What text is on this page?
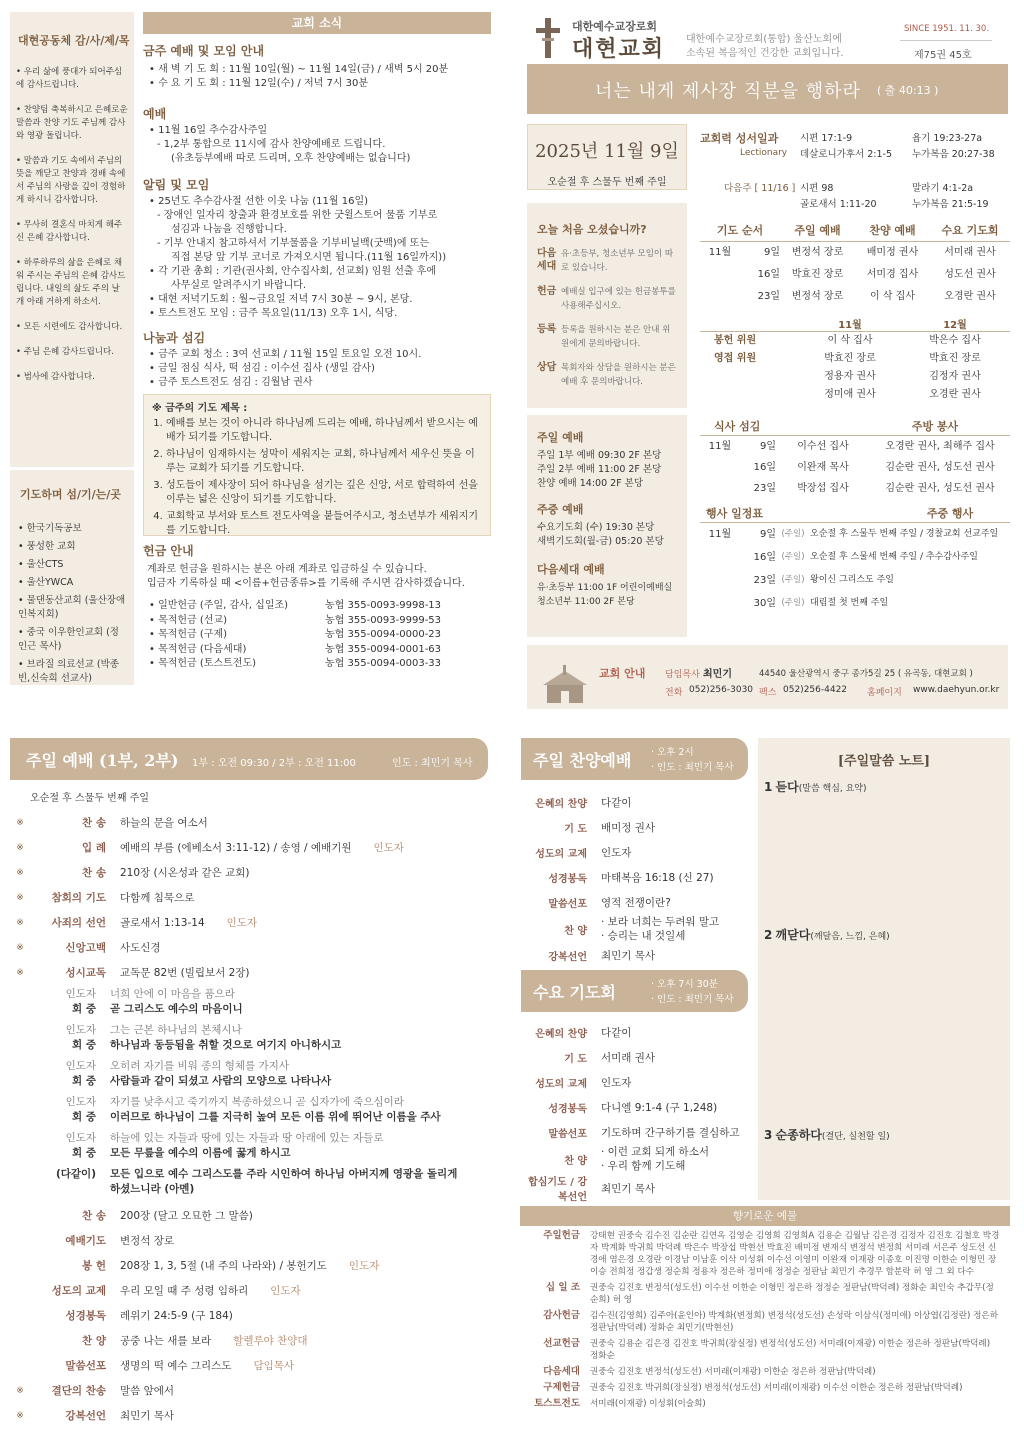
대현공동체 감/사/제/목
• 우리 삶에 풍대가 되어주심에 감사드립니다.
• 찬양팀 축복하시고 은혜로운 말씀과 찬양 기도 주님께 감사와 영광 돌립니다.
• 말씀과 기도 속에서 주님의 뜻을 깨닫고 찬양과 경배 속에서 주님의 사랑을 깊이 경험하게 하시니 감사합니다.
• 무사히 결혼식 마치게 해주신 은혜 감사합니다.
• 하루하루의 삶을 은혜로 채워 주시는 주님의 은혜 감사드립니다. 내일의 삶도 주의 날개 아래 거하게 하소서.
• 모든 시련에도 감사합니다.
• 주님 은혜 감사드립니다.
• 범사에 감사합니다.
기도하며 섬/기/는/곳
• 한국기독공보
• 풍성한 교회
• 울산CTS
• 울산YWCA
• 물댄동산교회 (울산장애인복지회)
• 중국 이우한인교회 (정인근 목사)
• 브라질 의료선교 (박종빈,신숙희 선교사)
교회 소식
금주 예배 및 모임 안내
• 새 벽 기 도 회 : 11월 10일(월) ~ 11월 14일(금) / 새벽 5시 20분
• 수 요 기 도 회 : 11월 12일(수) / 저녁 7시 30분
예배
• 11월 16일 추수감사주일
- 1,2부 통합으로 11시에 감사 찬양예배로 드립니다.
(유초등부예배 따로 드리며, 오후 찬양예배는 없습니다)
알림 및 모임
• 25년도 추수감사절 선한 이웃 나눔 (11월 16일)
- 장애인 일자리 창출과 환경보호를 위한 굿윌스토어 물품 기부로
섬김과 나눔을 진행합니다.
- 기부 안내지 참고하셔서 기부물품을 기부비닐백(굿백)에 또는
직접 본당 앞 기부 코너로 가져오시면 됩니다.(11월 16일까지))
• 각 기관 총회 : 기관(권사회, 안수집사회, 선교회) 임원 선출 후에
사무실로 알려주시기 바랍니다.
• 대현 저녁기도회 : 월~금요일 저녁 7시 30분 ~ 9시, 본당.
• 토스트전도 모임 : 금주 목요일(11/13) 오후 1시, 식당.
나눔과 섬김
• 금주 교회 청소 : 3여 선교회 / 11월 15일 토요일 오전 10시.
• 금일 점심 식사, 떡 섬김 : 이수선 집사 (생일 감사)
• 금주 토스트전도 섬김 : 김월남 권사
※ 금주의 기도 제목 :
1. 예배를 보는 것이 아니라 하나님께 드리는 예배, 하나님께서 받으시는 예배가 되기를 기도합니다.
2. 하나님이 임재하시는 성막이 세워지는 교회, 하나님께서 세우신 뜻을 이루는 교회가 되기를 기도합니다.
3. 성도들이 제사장이 되어 하나님을 섬기는 깊은 신앙, 서로 합력하여 선을 이루는 넓은 신앙이 되기를 기도합니다.
4. 교회학교 부서와 토스트 전도사역을 붙들어주시고, 청소년부가 세워지기를 기도합니다.
헌금 안내
계좌로 헌금을 원하시는 분은 아래 계좌로 입금하실 수 있습니다.
입금자 기록하실 때 <이름+헌금종류>를 기록해 주시면 감사하겠습니다.
• 일반헌금 (주일, 감사, 십일조)	농협 355-0093-9998-13
• 목적헌금 (선교)	농협 355-0093-9999-53
• 목적헌금 (구제)	농협 355-0094-0000-23
• 목적헌금 (다음세대)	농협 355-0094-0001-63
• 목적헌금 (토스트전도)	농협 355-0094-0003-33
대한예수교장로회
대현교회 대한예수교장로회(통합) 울산노회에
소속된 복음적인 건강한 교회입니다.
SINCE 1951. 11. 30.
제75권 45호
너는 내게 제사장 직분을 행하라 ( 출 40:13 )
2025년 11월 9일
오순절 후 스물두 번째 주일
교회력 성서일과
Lectionary
시편 17:1-9	욥기 19:23-27a
데살로니가후서 2:1-5 누가복음 20:27-38
다음주 [ 11/16 ] 시편 98	말라기 4:1-2a
골로새서 1:11-20	누가복음 21:5-19
오늘 처음 오셨습니까?
다음세대
유·초등부, 청소년부 모임이 따로 있습니다.
헌금 예배실 입구에 있는 헌금봉투를 사용해주십시오.
등록 등록을 원하시는 분은 안내 위원에게 문의바랍니다.
상담 목회자와 상담을 원하시는 분은 예배 후 문의바랍니다.
주일 예배
주일 1부 예배 09:30 2F 본당
주일 2부 예배 11:00 2F 본당
찬양 예배 14:00 2F 본당
주중 예배
수요기도회 (수) 19:30 본당
새벽기도회(월-금) 05:20 본당
다음세대 예배
유·초등부 11:00 1F 어린이예배실
청소년부 11:00 2F 본당
기도 순서	주일 예배	찬양 예배	수요 기도회
11월	9일	변정석 장로	배미정 권사	서미래 권사
16일	박효진 장로	서미경 집사	성도선 권사
23일	변정석 장로	이 삭 집사	오경란 권사
11월	12월
봉헌 위원	이 삭 집사	박은수 집사
영접 위원	박효진 장로	박효진 장로
정용자 권사	김정자 권사
정미애 권사	오경란 권사
식사 섬김	주방 봉사
11월	9일	이수선 집사	오경란 권사, 최해주 집사
16일	이완재 목사	김순란 권사, 성도선 권사
23일	박장섭 집사	김순란 권사, 성도선 권사
행사 일정표	주중 행사
11월	9일 (주일) 오순절 후 스물두 번째 주일 / 경찰교회 선교주일
16일 (주일) 오순절 후 스물세 번째 주일 / 추수감사주일
23일 (주일) 왕이신 그리스도 주일
30일 (주일) 대림절 첫 번째 주일
교회 안내 담임목사 최민기	44540 울산광역시 중구 종가5길 25 ( 유곡동, 대현교회 )
전화 052)256-3030 팩스 052)256-4422 홈페이지 www.daehyun.or.kr
주일 예배 (1부, 2부) 1부 : 오전 09:30 / 2부 : 오전 11:00	인도 : 최민기 목사
오순절 후 스물두 번째 주일
※	찬 송 하늘의 문을 여소서
※	입 례 예배의 부름 (에베소서 3:11-12) / 송영 / 예배기원 인도자
※	찬 송 210장 (시온성과 같은 교회)
※	참회의 기도 다함께 침묵으로
※	사죄의 선언 골로새서 1:13-14 인도자
※	신앙고백 사도신경
※	성시교독 교독문 82번 (빌립보서 2장)
인도자 너희 안에 이 마음을 품으라
회 중 곧 그리스도 예수의 마음이니
인도자 그는 근본 하나님의 본체시나
회 중 하나님과 동등됨을 취할 것으로 여기지 아니하시고
인도자 오히려 자기를 비워 종의 형체를 가지사
회 중 사람들과 같이 되셨고 사람의 모양으로 나타나사
인도자 자기를 낮추시고 죽기까지 복종하셨으니 곧 십자가에 죽으심이라
회 중 이러므로 하나님이 그를 지극히 높여 모든 이름 위에 뛰어난 이름을 주사
인도자 하늘에 있는 자들과 땅에 있는 자들과 땅 아래에 있는 자들로
회 중 모든 무릎을 예수의 이름에 꿇게 하시고
(다같이) 모든 입으로 예수 그리스도를 주라 시인하여 하나님 아버지께 영광을 돌리게 하셨느니라 (아멘)
찬 송 200장 (달고 오묘한 그 말씀)
예배기도 변정석 장로
봉 헌 208장 1, 3, 5절 (내 주의 나라와) / 봉헌기도 인도자
성도의 교제 우리 모일 때 주 성령 임하리 인도자
성경봉독 레위기 24:5-9 (구 184)
찬 양 공중 나는 새를 보라 할렐루야 찬양대
말씀선포 생명의 떡 예수 그리스도 담임목사
※	결단의 찬송 말씀 앞에서
※	강복선언 최민기 목사
주일 찬양예배 · 오후 2시
· 인도 : 최민기 목사
은혜의 찬양 다같이
기 도 배미정 권사
성도의 교제 인도자
성경봉독 마태복음 16:18 (신 27)
말씀선포 영적 전쟁이란?
찬 양
· 보라 너희는 두려워 말고
· 승리는 내 것일세
강복선언 최민기 목사
수요 기도회	· 오후 7시 30분
· 인도 : 최민기 목사
은혜의 찬양 다같이
기 도 서미래 권사
성도의 교제 인도자
성경봉독 다니엘 9:1-4 (구 1,248)
말씀선포 기도하며 간구하기를 결심하고
찬 양
· 이런 교회 되게 하소서
· 우리 함께 기도해
합심기도 / 강복선언
최민기 목사
[주일말씀 노트]
1 듣다(말씀 핵심, 요약)
2 깨닫다(깨달음, 느낌, 은혜)
3 순종하다(결단, 실천할 일)
향기로운 예물
주일헌금 강태현 권중숙 김수진 김순란 김연옥 김영순 김영희 김영희A 김용순 김월남 김은경 김정자 김진호 김철호 박경자 박계화 박귀희 박덕례 박은수 박장섭 박현선 박효진 배미정 변재식 변정석 변정희 서미래 서은주 성도선 신경애 염은경 오경란 이경남 이남훈 이삭 이성휘 이수선 이영미 이완재 이재광 이종호 이진명 이한순 이형민 장이승 전희정 정갑생 정순희 정용자 정은하 정미애 정정순 정판남 최민기 추경무 함분락 허 영 그 외 다수
십 일 조 권중숙 김진호 변정석(성도선) 이수선 이한순 이형민 정은하 정정순 정판남(박덕례) 정화순 최인숙 추갑무(정순희) 허 영
감사헌금 김수진(김영희) 김주아(윤인아) 박계화(변정희) 변정석(성도선) 손성락 이삼식(정미애) 이상엽(김정란) 정은하 정판남(박덕례) 정화순 최민기(박현선)
선교헌금 권중숙 김용순 김은경 김진호 박귀희(장실정) 변정석(성도선) 서미래(이재광) 이한순 정은하 정판남(박덕례) 정화순
다음세대 권중숙 김진호 변정석(성도선) 서미래(이재광) 이한순 정은하 정판남(박덕례)
구제헌금 권중숙 김진호 박귀희(장실정) 변정석(성도선) 서미래(이재광) 이수선 이한순 정은하 정판남(박덕례)
토스트전도 서미래(이재광) 이성휘(이슬희)
